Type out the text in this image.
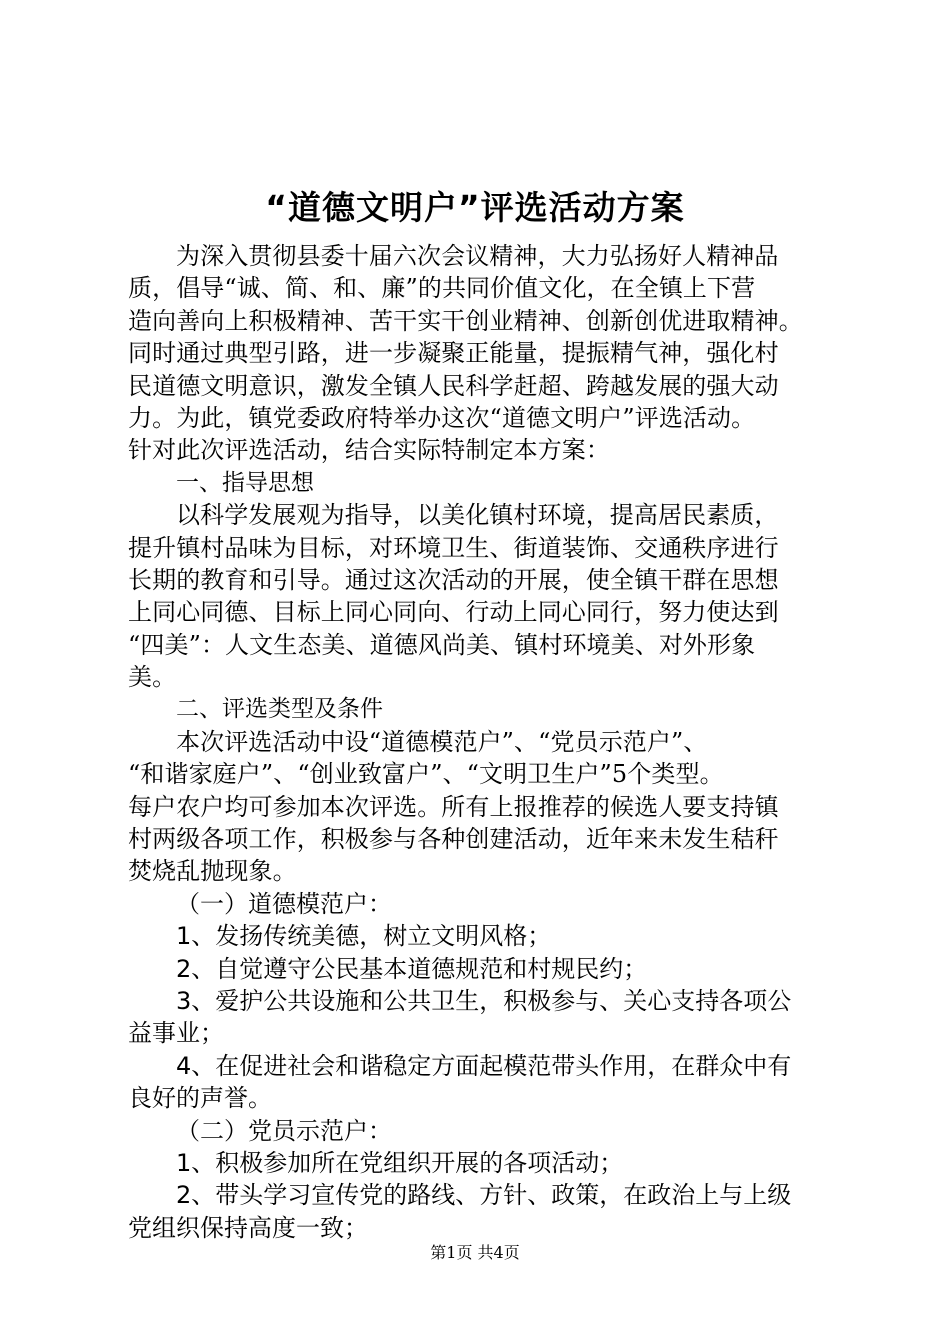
“道德文明户”评选活动方案
为深入贯彻县委十届六次会议精神，大力弘扬好人精神品
质，倡导“诚、简、和、廉”的共同价值文化，在全镇上下营
造向善向上积极精神、苦干实干创业精神、创新创优进取精神。
同时通过典型引路，进一步凝聚正能量，提振精气神，强化村
民道德文明意识，激发全镇人民科学赶超、跨越发展的强大动
力。为此，镇党委政府特举办这次“道德文明户”评选活动。
针对此次评选活动，结合实际特制定本方案：
一、指导思想
以科学发展观为指导，以美化镇村环境，提高居民素质，
提升镇村品味为目标，对环境卫生、街道装饰、交通秩序进行
长期的教育和引导。通过这次活动的开展，使全镇干群在思想
上同心同德、目标上同心同向、行动上同心同行，努力使达到
“四美”：人文生态美、道德风尚美、镇村环境美、对外形象
美。
二、评选类型及条件
本次评选活动中设“道德模范户”、“党员示范户”、
“和谐家庭户”、“创业致富户”、“文明卫生户”5个类型。
每户农户均可参加本次评选。所有上报推荐的候选人要支持镇
村两级各项工作，积极参与各种创建活动，近年来未发生秸秆
焚烧乱抛现象。
（一）道德模范户：
1、发扬传统美德，树立文明风格；
2、自觉遵守公民基本道德规范和村规民约；
3、爱护公共设施和公共卫生，积极参与、关心支持各项公
益事业；
4、在促进社会和谐稳定方面起模范带头作用，在群众中有
良好的声誉。
（二）党员示范户：
1、积极参加所在党组织开展的各项活动；
2、带头学习宣传党的路线、方针、政策，在政治上与上级
党组织保持高度一致；
第1页 共4页
